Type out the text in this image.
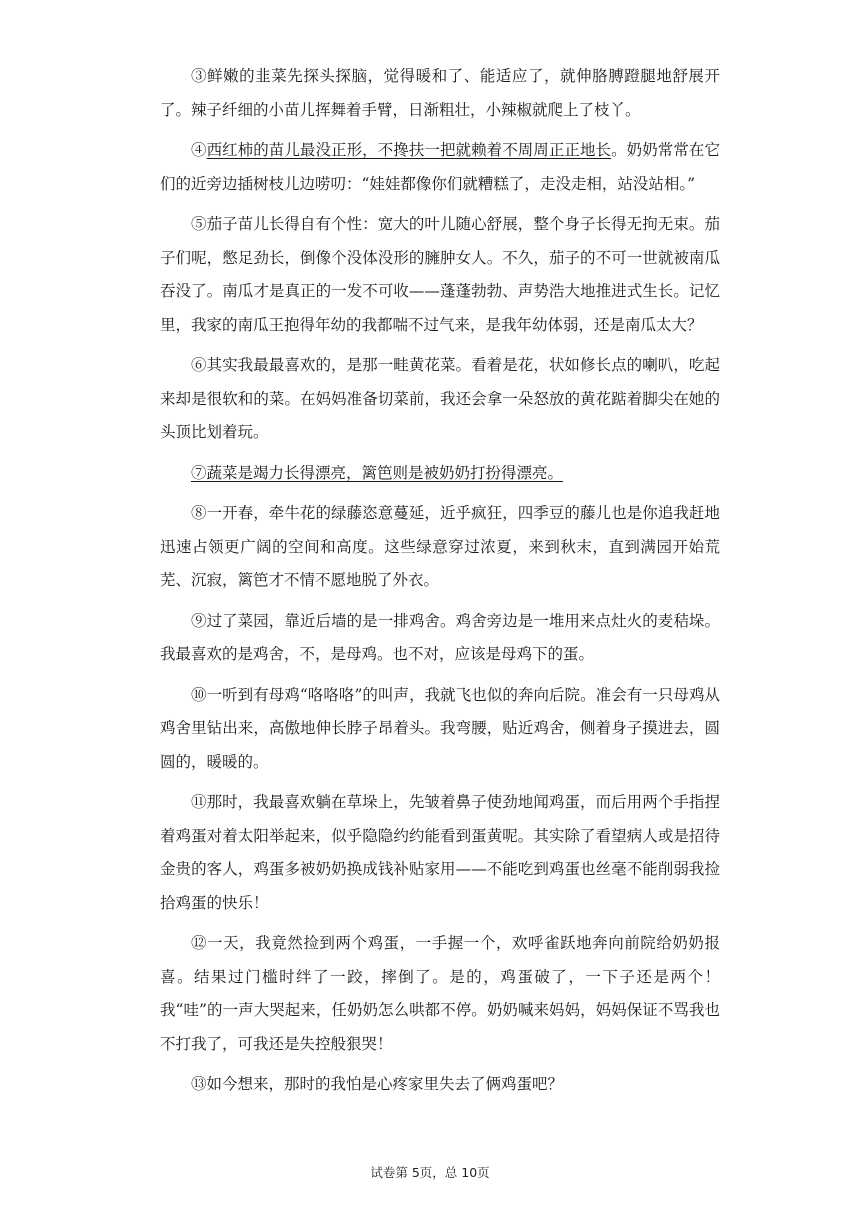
③鲜嫩的韭菜先探头探脑，觉得暖和了、能适应了，就伸胳膊蹬腿地舒展开了。辣子纤细的小苗儿挥舞着手臂，日渐粗壮，小辣椒就爬上了枝丫。

④西红柿的苗儿最没正形，不搀扶一把就赖着不周周正正地长。奶奶常常在它们的近旁边插树枝儿边唠叨：“娃娃都像你们就糟糕了，走没走相，站没站相。”

⑤茄子苗儿长得自有个性：宽大的叶儿随心舒展，整个身子长得无拘无束。茄子们呢，憋足劲长，倒像个没体没形的臃肿女人。不久，茄子的不可一世就被南瓜吞没了。南瓜才是真正的一发不可收——蓬蓬勃勃、声势浩大地推进式生长。记忆里，我家的南瓜王抱得年幼的我都喘不过气来，是我年幼体弱，还是南瓜太大？

⑥其实我最最喜欢的，是那一畦黄花菜。看着是花，状如修长点的喇叭，吃起来却是很软和的菜。在妈妈准备切菜前，我还会拿一朵怒放的黄花踮着脚尖在她的头顶比划着玩。

⑦蔬菜是竭力长得漂亮，篱笆则是被奶奶打扮得漂亮。

⑧一开春，牵牛花的绿藤恣意蔓延，近乎疯狂，四季豆的藤儿也是你追我赶地迅速占领更广阔的空间和高度。这些绿意穿过浓夏，来到秋末，直到满园开始荒芜、沉寂，篱笆才不情不愿地脱了外衣。

⑨过了菜园，靠近后墙的是一排鸡舍。鸡舍旁边是一堆用来点灶火的麦秸垛。我最喜欢的是鸡舍，不，是母鸡。也不对，应该是母鸡下的蛋。

⑩一听到有母鸡“咯咯咯”的叫声，我就飞也似的奔向后院。准会有一只母鸡从鸡舍里钻出来，高傲地伸长脖子昂着头。我弯腰，贴近鸡舍，侧着身子摸进去，圆圆的，暖暖的。

⑪那时，我最喜欢躺在草垛上，先皱着鼻子使劲地闻鸡蛋，而后用两个手指捏着鸡蛋对着太阳举起来，似乎隐隐约约能看到蛋黄呢。其实除了看望病人或是招待金贵的客人，鸡蛋多被奶奶换成钱补贴家用——不能吃到鸡蛋也丝毫不能削弱我捡拾鸡蛋的快乐！

⑫一天，我竟然捡到两个鸡蛋，一手握一个，欢呼雀跃地奔向前院给奶奶报喜。结果过门槛时绊了一跤，摔倒了。是的，鸡蛋破了，一下子还是两个！我“哇”的一声大哭起来，任奶奶怎么哄都不停。奶奶喊来妈妈，妈妈保证不骂我也不打我了，可我还是失控般狠哭！

⑬如今想来，那时的我怕是心疼家里失去了俩鸡蛋吧？

试卷第 5页，总 10页
